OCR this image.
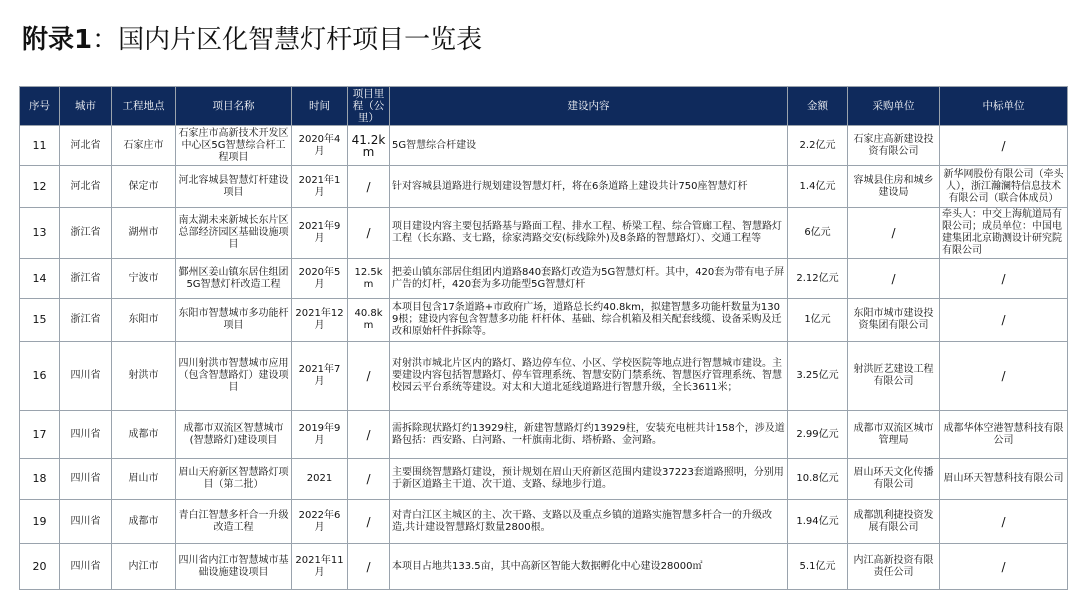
附录1：国内片区化智慧灯杆项目一览表
序号	城市	工程地点	项目名称	时间	项目里程（公里）	建设内容	金额	采购单位	中标单位
11	河北省	石家庄市	石家庄市高新技术开发区中心区5G智慧综合杆工程项目	2020年4月	41.2km	5G智慧综合杆建设	2.2亿元	石家庄高新建设投资有限公司	/
12	河北省	保定市	河北容城县智慧灯杆建设项目	2021年1月	/	针对容城县道路进行规划建设智慧灯杆，将在6条道路上建设共计750座智慧灯杆	1.4亿元	容城县住房和城乡建设局	新华网股份有限公司（牵头人），浙江瀚澜特信息技术有限公司（联合体成员）
13	浙江省	湖州市	南太湖未来新城长东片区总部经济园区基础设施项目	2021年9月	/	项目建设内容主要包括路基与路面工程、排水工程、桥梁工程、综合管廊工程、智慧路灯工程（长东路、支七路，徐家湾路交安(标线除外)及8条路的智慧路灯）、交通工程等	6亿元	/	牵头人：中交上海航道局有限公司；成员单位：中国电建集团北京勘测设计研究院有限公司
14	浙江省	宁波市	鄞州区姜山镇东居住组团5G智慧灯杆改造工程	2020年5月	12.5km	把姜山镇东部居住组团内道路840套路灯改造为5G智慧灯杆。其中，420套为带有电子屏广告的灯杆，420套为多功能型5G智慧灯杆	2.12亿元	/	/
15	浙江省	东阳市	东阳市智慧城市多功能杆项目	2021年12月	40.8km	本项目包含17条道路+市政府广场，道路总长约40.8km，拟建智慧多功能杆数量为1309根；建设内容包含智慧多功能 杆杆体、基础、综合机箱及相关配套线缆、设备采购及迁 改和原始杆件拆除等。	1亿元	东阳市城市建设投资集团有限公司	/
16	四川省	射洪市	四川射洪市智慧城市应用（包含智慧路灯）建设项目	2021年7月	/	对射洪市城北片区内的路灯、路边停车位、小区、学校医院等地点进行智慧城市建设。主要建设内容包括智慧路灯、停车管理系统、智慧安防门禁系统、智慧医疗管理系统、智慧校园云平台系统等建设。对太和大道北延线道路进行智慧升级，全长3611米；	3.25亿元	射洪匠艺建设工程有限公司	/
17	四川省	成都市	成都市双流区智慧城市(智慧路灯)建设项目	2019年9月	/	需拆除现状路灯约13929柱，新建智慧路灯约13929柱，安装充电桩共计158个，涉及道路包括：西安路、白河路、一杆旗南北街、塔桥路、金河路。	2.99亿元	成都市双流区城市管理局	成都华体空港智慧科技有限公司
18	四川省	眉山市	眉山天府新区智慧路灯项目（第二批）	2021	/	主要围绕智慧路灯建设，预计规划在眉山天府新区范围内建设37223套道路照明，分别用于新区道路主干道、次干道、支路、绿地步行道。	10.8亿元	眉山环天文化传播有限公司	眉山环天智慧科技有限公司
19	四川省	成都市	青白江智慧多杆合一升级改造工程	2022年6月	/	对青白江区主城区的主、次干路、支路以及重点乡镇的道路实施智慧多杆合一的升级改造,共计建设智慧路灯数量2800根。	1.94亿元	成都凯利捷投资发展有限公司	/
20	四川省	内江市	四川省内江市智慧城市基础设施建设项目	2021年11月	/	本项目占地共133.5亩，其中高新区智能大数据孵化中心建设28000㎡	5.1亿元	内江高新投资有限责任公司	/
